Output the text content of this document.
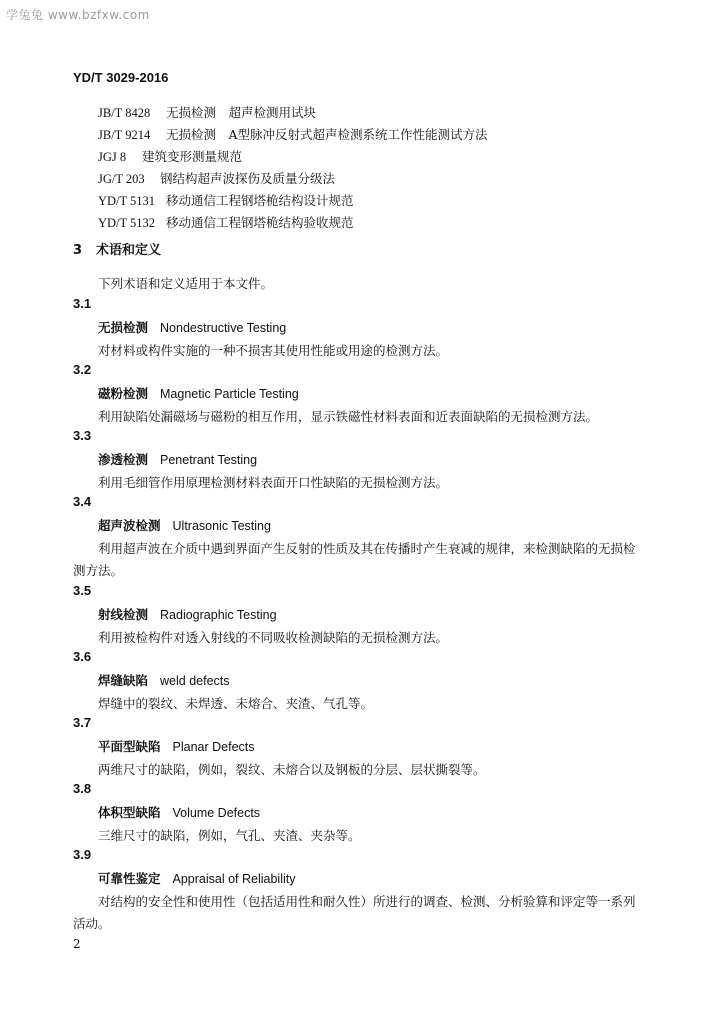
学兔兔 www.bzfxw.com
YD/T 3029-2016
JB/T 8428 无损检测　超声检测用试块
JB/T 9214 无损检测　A型脉冲反射式超声检测系统工作性能测试方法
JGJ 8 建筑变形测量规范
JG/T 203 钢结构超声波探伤及质量分级法
YD/T 5131 移动通信工程钢塔桅结构设计规范
YD/T 5132 移动通信工程钢塔桅结构验收规范
3 术语和定义
下列术语和定义适用于本文件。
3.1
无损检测 Nondestructive Testing
对材料或构件实施的一种不损害其使用性能或用途的检测方法。
3.2
磁粉检测 Magnetic Particle Testing
利用缺陷处漏磁场与磁粉的相互作用，显示铁磁性材料表面和近表面缺陷的无损检测方法。
3.3
渗透检测 Penetrant Testing
利用毛细管作用原理检测材料表面开口性缺陷的无损检测方法。
3.4
超声波检测 Ultrasonic Testing
利用超声波在介质中遇到界面产生反射的性质及其在传播时产生衰减的规律，来检测缺陷的无损检
测方法。
3.5
射线检测 Radiographic Testing
利用被检构件对透入射线的不同吸收检测缺陷的无损检测方法。
3.6
焊缝缺陷 weld defects
焊缝中的裂纹、未焊透、未熔合、夹渣、气孔等。
3.7
平面型缺陷 Planar Defects
两维尺寸的缺陷，例如，裂纹、未熔合以及钢板的分层、层状撕裂等。
3.8
体积型缺陷 Volume Defects
三维尺寸的缺陷，例如，气孔、夹渣、夹杂等。
3.9
可靠性鉴定 Appraisal of Reliability
对结构的安全性和使用性（包括适用性和耐久性）所进行的调查、检测、分析验算和评定等一系列
活动。
2
